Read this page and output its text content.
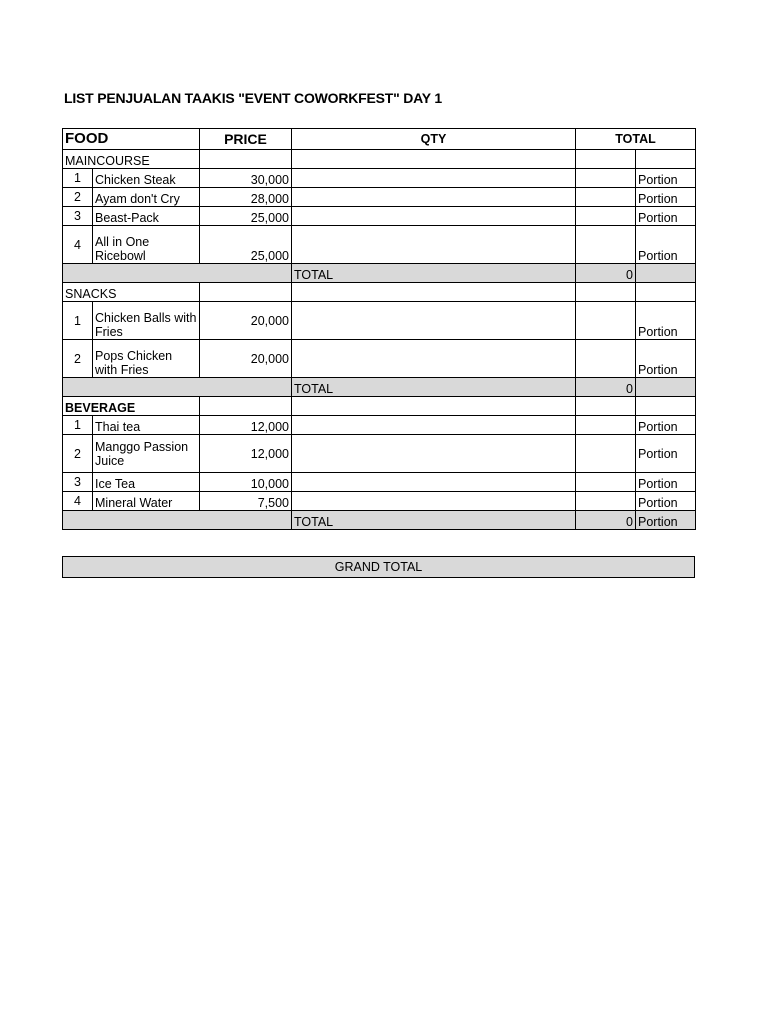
LIST PENJUALAN TAAKIS "EVENT COWORKFEST" DAY 1
FOOD		PRICE	QTY	TOTAL	
MAINCOURSE					
1	Chicken Steak	30,000			Portion
2	Ayam don't Cry	28,000			Portion
3	Beast-Pack	25,000			Portion
4	All in One Ricebowl	25,000			Portion
			TOTAL	0	
SNACKS					
1	Chicken Balls with Fries	20,000			Portion
2	Pops Chicken with Fries	20,000			Portion
			TOTAL	0	
BEVERAGE					
1	Thai tea	12,000			Portion
2	Manggo Passion Juice	12,000			Portion
3	Ice Tea	10,000			Portion
4	Mineral Water	7,500			Portion
			TOTAL	0	Portion
GRAND TOTAL
